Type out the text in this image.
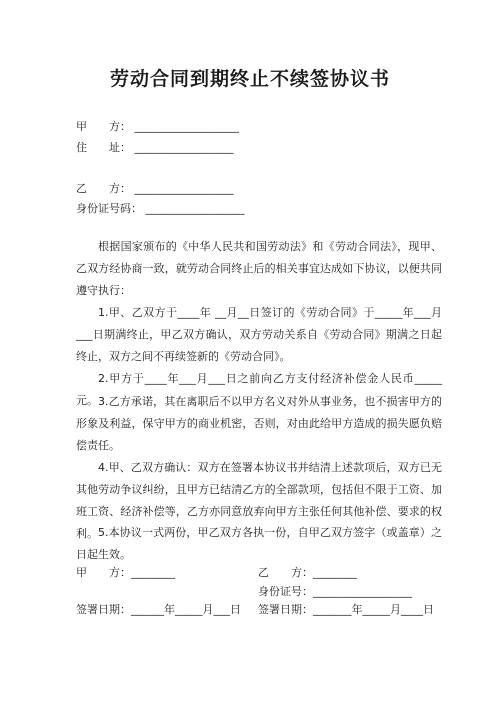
劳动合同到期终止不续签协议书
甲　　方： ___________________
住　　址： __________________
乙　　方： __________________
身份证号码： __________________
根据国家颁布的《中华人民共和国劳动法》和《劳动合同法》，现甲、乙双方经协商一致，就劳动合同终止后的相关事宜达成如下协议，以便共同遵守执行：
1.甲、乙双方于____年 __月__日签订的《劳动合同》于_____年___月___日期满终止，甲乙双方确认，双方劳动关系自《劳动合同》期满之日起终止，双方之间不再续签新的《劳动合同》。
2.甲方于____年___月___日之前向乙方支付经济补偿金人民币_____元。 3.乙方承诺，其在离职后不以甲方名义对外从事业务，也不损害甲方的形象及利益，保守甲方的商业机密，否则，对由此给甲方造成的损失愿负赔偿责任。
4.甲、乙双方确认：双方在签署本协议书并结清上述款项后，双方已无其他劳动争议纠纷，且甲方已结清乙方的全部款项，包括但不限于工资、加班工资、经济补偿等，乙方亦同意放弃向甲方主张任何其他补偿、要求的权利。 5.本协议一式两份，甲乙双方各执一份，自甲乙双方签字（或盖章）之日起生效。
甲　　方：________	乙　　方：________
身份证号：__________________
签署日期：______年_____月___日 签署日期：_______年_____月____日
